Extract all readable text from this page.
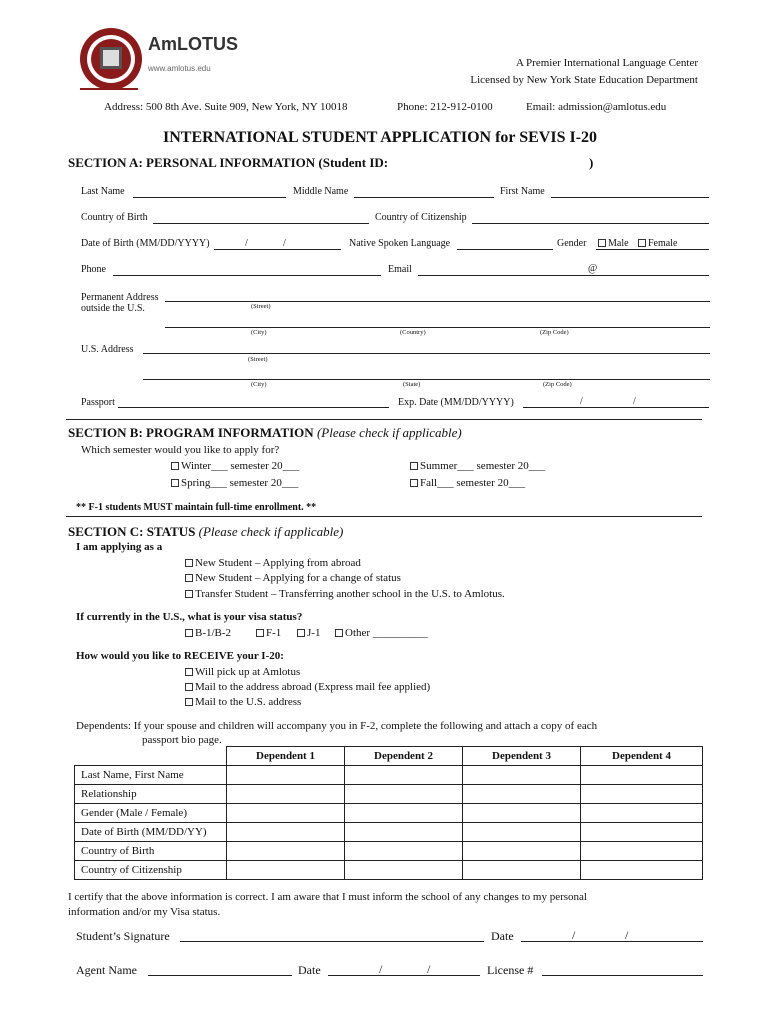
AmLOTUS
www.amlotus.edu	A Premier International Language Center
Licensed by New York State Education Department
Address: 500 8th Ave. Suite 909, New York, NY 10018	Phone: 212-912-0100	Email: admission@amlotus.edu
INTERNATIONAL STUDENT APPLICATION for SEVIS I-20
SECTION A: PERSONAL INFORMATION (Student ID:	)
Last Name	Middle Name	First Name
Country of Birth	Country of Citizenship
Date of Birth (MM/DD/YYYY)	/	/	Native Spoken Language	Gender	Male	Female
Phone	Email	@
Permanent Address
outside the U.S.	(Street)
(City)	(Country)	(Zip Code)
U.S. Address
(Street)
(City)	(State)	(Zip Code)
Passport	Exp. Date (MM/DD/YYYY)	/	/
SECTION B: PROGRAM INFORMATION (Please check if applicable)
Which semester would you like to apply for?
Winter___ semester 20___
Spring___ semester 20___
Summer___ semester 20___
Fall___ semester 20___
** F-1 students MUST maintain full-time enrollment. **
SECTION C: STATUS (Please check if applicable)
I am applying as a
New Student – Applying from abroad
New Student – Applying for a change of status
Transfer Student – Transferring another school in the U.S. to Amlotus.
If currently in the U.S., what is your visa status?
B-1/B-2	F-1	J-1	Other __________
How would you like to RECEIVE your I-20:
Will pick up at Amlotus
Mail to the address abroad (Express mail fee applied)
Mail to the U.S. address
Dependents: If your spouse and children will accompany you in F-2, complete the following and attach a copy of each
passport bio page.
	Dependent 1	Dependent 2	Dependent 3	Dependent 4
Last Name, First Name				
Relationship				
Gender (Male / Female)				
Date of Birth (MM/DD/YY)				
Country of Birth				
Country of Citizenship				
I certify that the above information is correct. I am aware that I must inform the school of any changes to my personal
information and/or my Visa status.
Student’s Signature	Date	/	/
Agent Name	Date	/	/	License #
